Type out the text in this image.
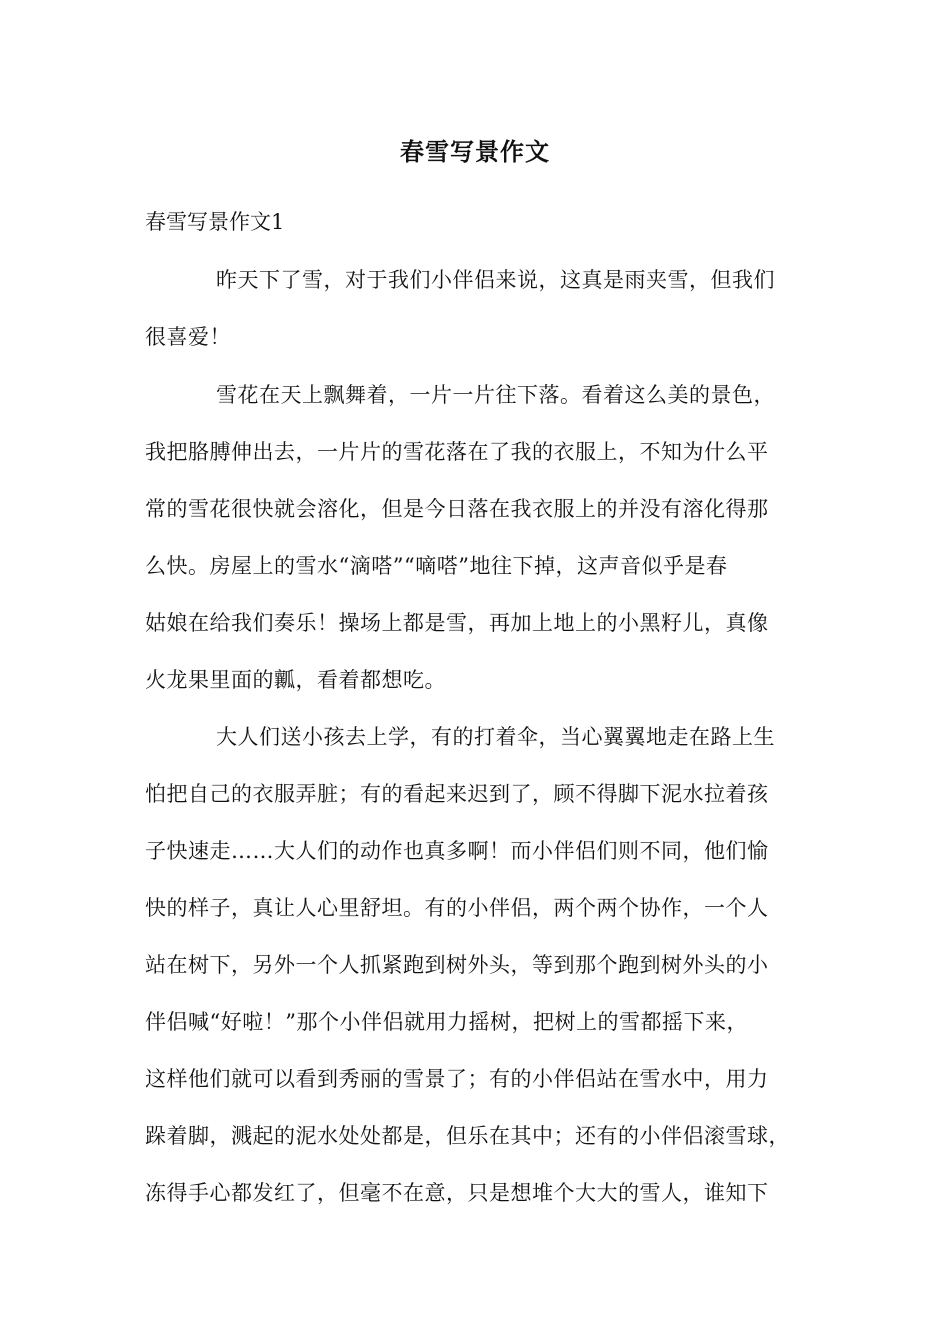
春雪写景作文
春雪写景作文1
昨天下了雪，对于我们小伴侣来说，这真是雨夹雪，但我们
很喜爱！
雪花在天上飘舞着，一片一片往下落。看着这么美的景色，
我把胳膊伸出去，一片片的雪花落在了我的衣服上，不知为什么平
常的雪花很快就会溶化，但是今日落在我衣服上的并没有溶化得那
么快。房屋上的雪水“滴嗒”“嘀嗒”地往下掉，这声音似乎是春
姑娘在给我们奏乐！操场上都是雪，再加上地上的小黑籽儿，真像
火龙果里面的瓤，看着都想吃。
大人们送小孩去上学，有的打着伞，当心翼翼地走在路上生
怕把自己的衣服弄脏；有的看起来迟到了，顾不得脚下泥水拉着孩
子快速走……大人们的动作也真多啊！而小伴侣们则不同，他们愉
快的样子，真让人心里舒坦。有的小伴侣，两个两个协作，一个人
站在树下，另外一个人抓紧跑到树外头，等到那个跑到树外头的小
伴侣喊“好啦！”那个小伴侣就用力摇树，把树上的雪都摇下来，
这样他们就可以看到秀丽的雪景了；有的小伴侣站在雪水中，用力
跺着脚，溅起的泥水处处都是，但乐在其中；还有的小伴侣滚雪球，
冻得手心都发红了，但毫不在意，只是想堆个大大的雪人，谁知下
